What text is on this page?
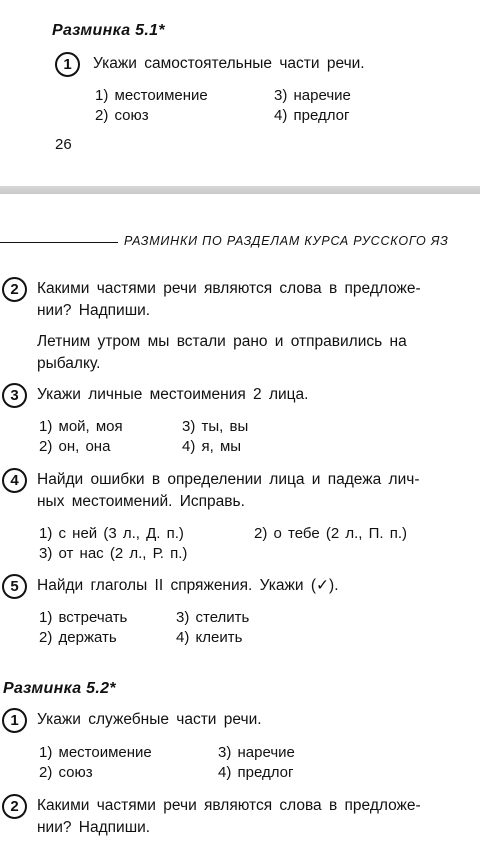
Разминка 5.1*
1 Укажи самостоятельные части речи.
1) местоимение
2) союз
3) наречие
4) предлог
26
РАЗМИНКИ ПО РАЗДЕЛАМ КУРСА РУССКОГО ЯЗ
2 Какими частями речи являются слова в предложе-
нии? Надпиши.
Летним утром мы встали рано и отправились на
рыбалку.
3 Укажи личные местоимения 2 лица.
1) мой, моя
2) он, она
3) ты, вы
4) я, мы
4 Найди ошибки в определении лица и падежа лич-
ных местоимений. Исправь.
1) с ней (3 л., Д. п.)	2) о тебе (2 л., П. п.)
3) от нас (2 л., Р. п.)
5 Найди глаголы II спряжения. Укажи (✓).
1) встречать
2) держать
3) стелить
4) клеить
Разминка 5.2*
1 Укажи служебные части речи.
1) местоимение
2) союз
3) наречие
4) предлог
2 Какими частями речи являются слова в предложе-
нии? Надпиши.
